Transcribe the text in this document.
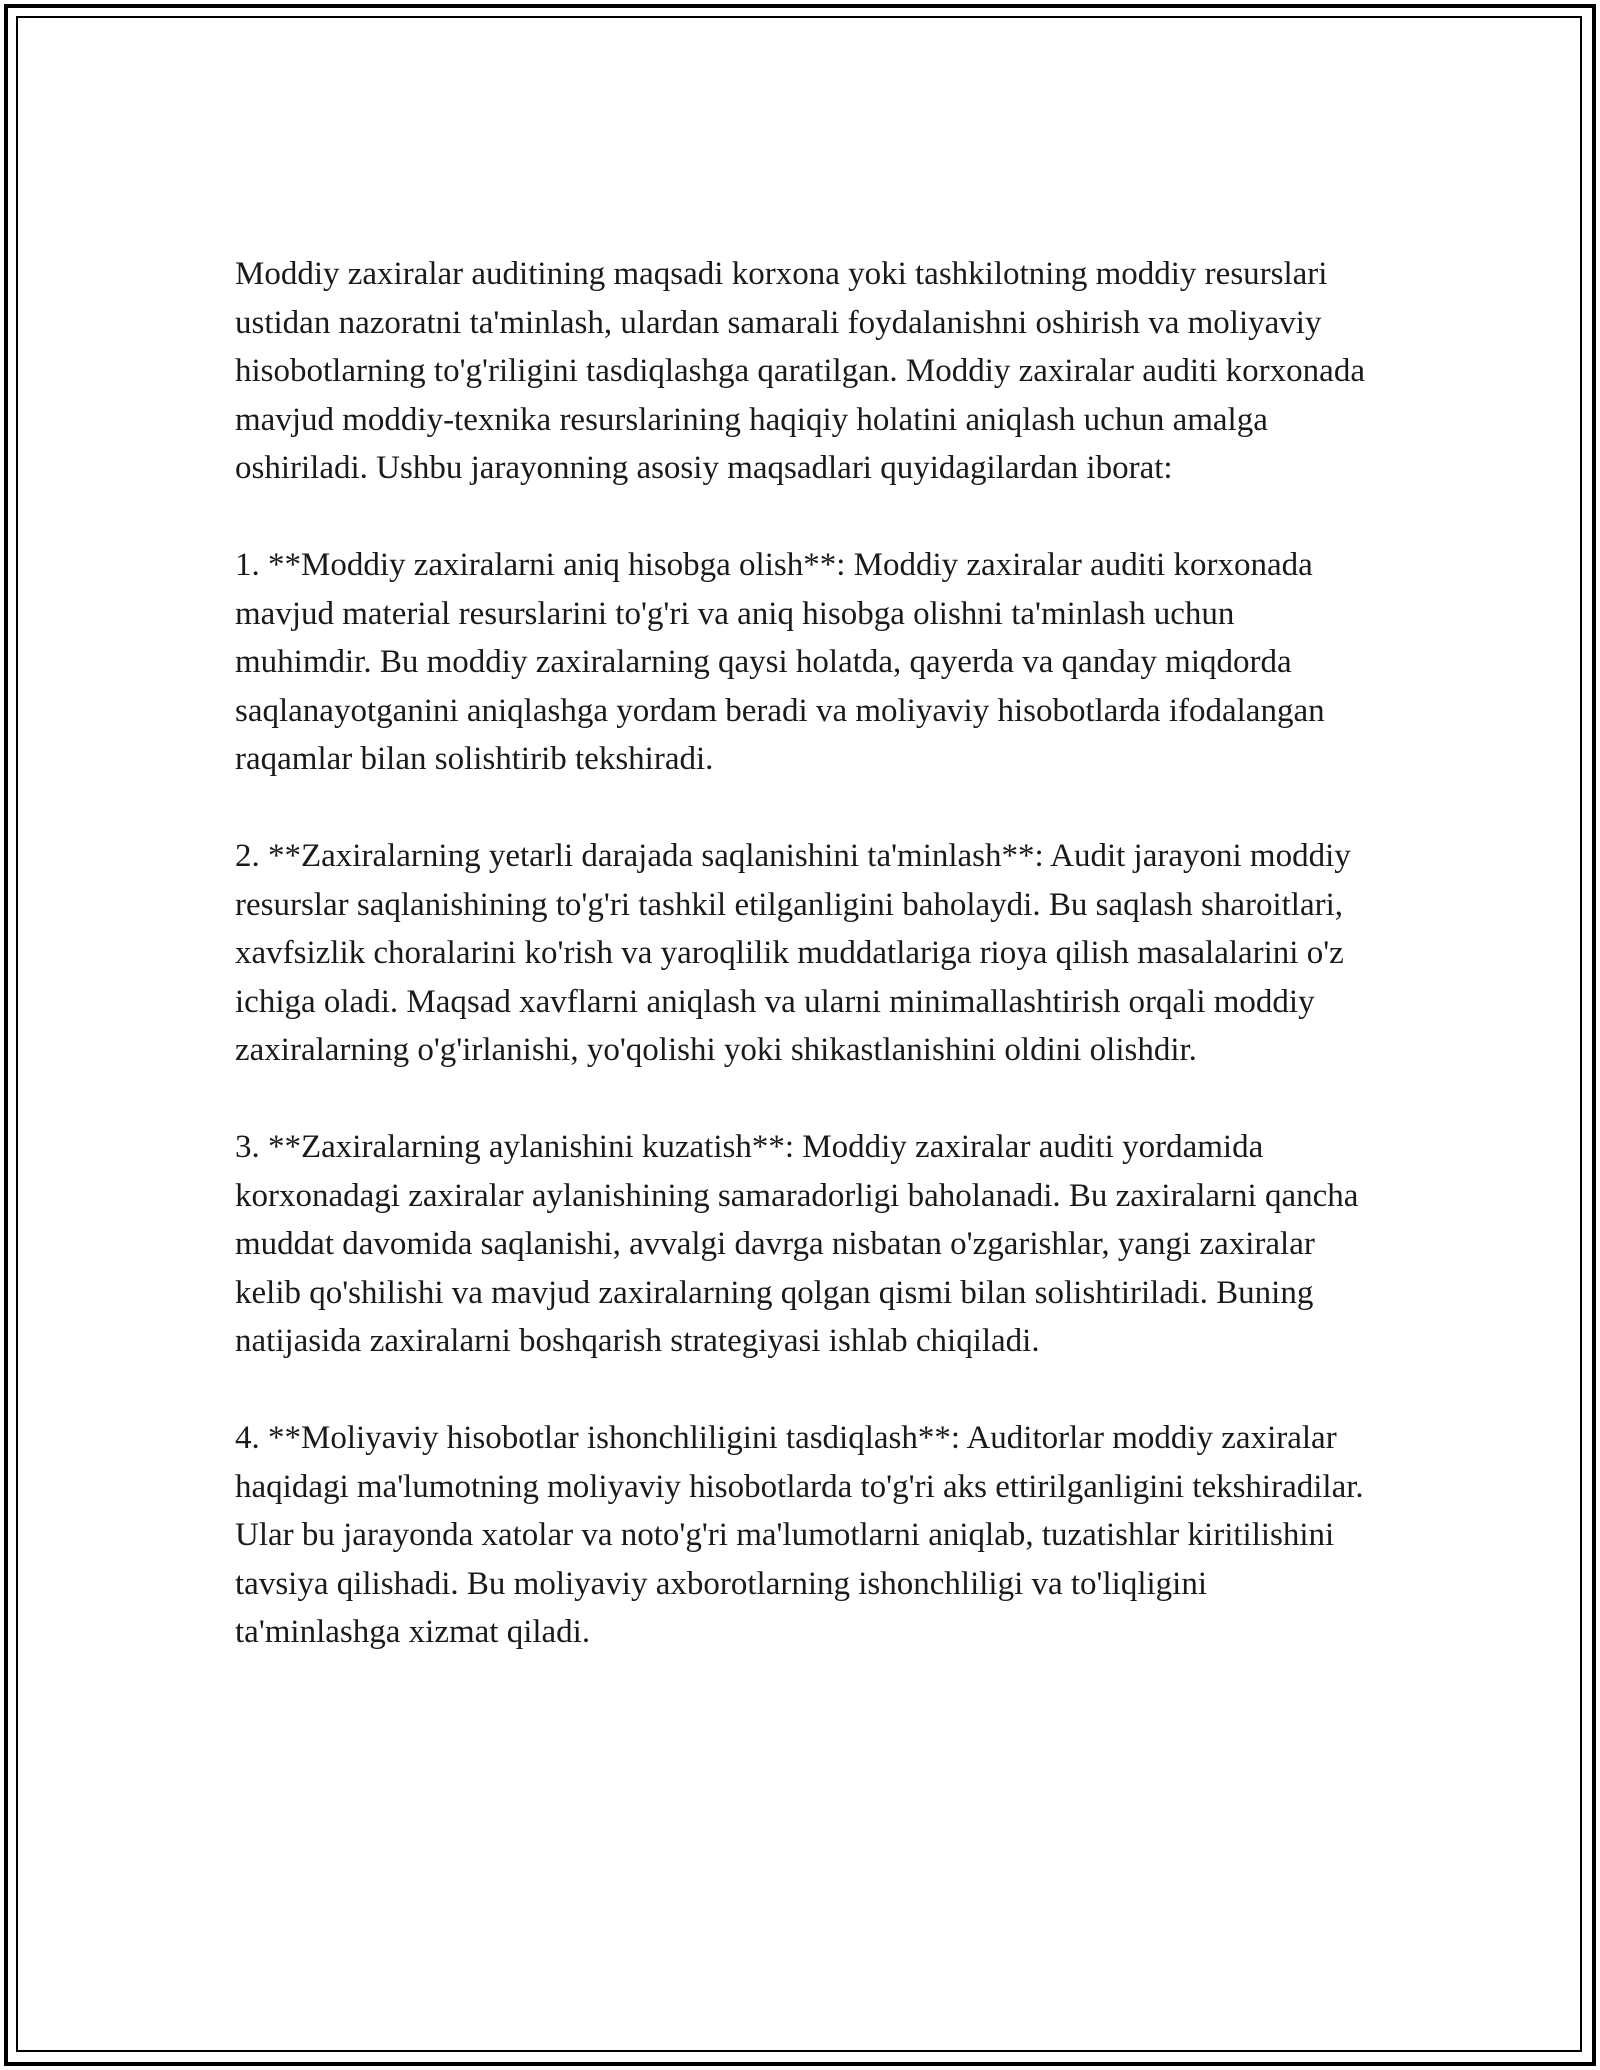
Moddiy zaxiralar auditining maqsadi korxona yoki tashkilotning moddiy resurslari ustidan nazoratni ta'minlash, ulardan samarali foydalanishni oshirish va moliyaviy hisobotlarning to'g'riligini tasdiqlashga qaratilgan. Moddiy zaxiralar auditi korxonada mavjud moddiy-texnika resurslarining haqiqiy holatini aniqlash uchun amalga oshiriladi. Ushbu jarayonning asosiy maqsadlari quyidagilardan iborat:

1. **Moddiy zaxiralarni aniq hisobga olish**: Moddiy zaxiralar auditi korxonada mavjud material resurslarini to'g'ri va aniq hisobga olishni ta'minlash uchun muhimdir. Bu moddiy zaxiralarning qaysi holatda, qayerda va qanday miqdorda saqlanayotganini aniqlashga yordam beradi va moliyaviy hisobotlarda ifodalangan raqamlar bilan solishtirib tekshiradi.

2. **Zaxiralarning yetarli darajada saqlanishini ta'minlash**: Audit jarayoni moddiy resurslar saqlanishining to'g'ri tashkil etilganligini baholaydi. Bu saqlash sharoitlari, xavfsizlik choralarini ko'rish va yaroqlilik muddatlariga rioya qilish masalalarini o'z ichiga oladi. Maqsad xavflarni aniqlash va ularni minimallashtirish orqali moddiy zaxiralarning o'g'irlanishi, yo'qolishi yoki shikastlanishini oldini olishdir.

3. **Zaxiralarning aylanishini kuzatish**: Moddiy zaxiralar auditi yordamida korxonadagi zaxiralar aylanishining samaradorligi baholanadi. Bu zaxiralarni qancha muddat davomida saqlanishi, avvalgi davrga nisbatan o'zgarishlar, yangi zaxiralar kelib qo'shilishi va mavjud zaxiralarning qolgan qismi bilan solishtiriladi. Buning natijasida zaxiralarni boshqarish strategiyasi ishlab chiqiladi.

4. **Moliyaviy hisobotlar ishonchliligini tasdiqlash**: Auditorlar moddiy zaxiralar haqidagi ma'lumotning moliyaviy hisobotlarda to'g'ri aks ettirilganligini tekshiradilar. Ular bu jarayonda xatolar va noto'g'ri ma'lumotlarni aniqlab, tuzatishlar kiritilishini tavsiya qilishadi. Bu moliyaviy axborotlarning ishonchliligi va to'liqligini ta'minlashga xizmat qiladi.
